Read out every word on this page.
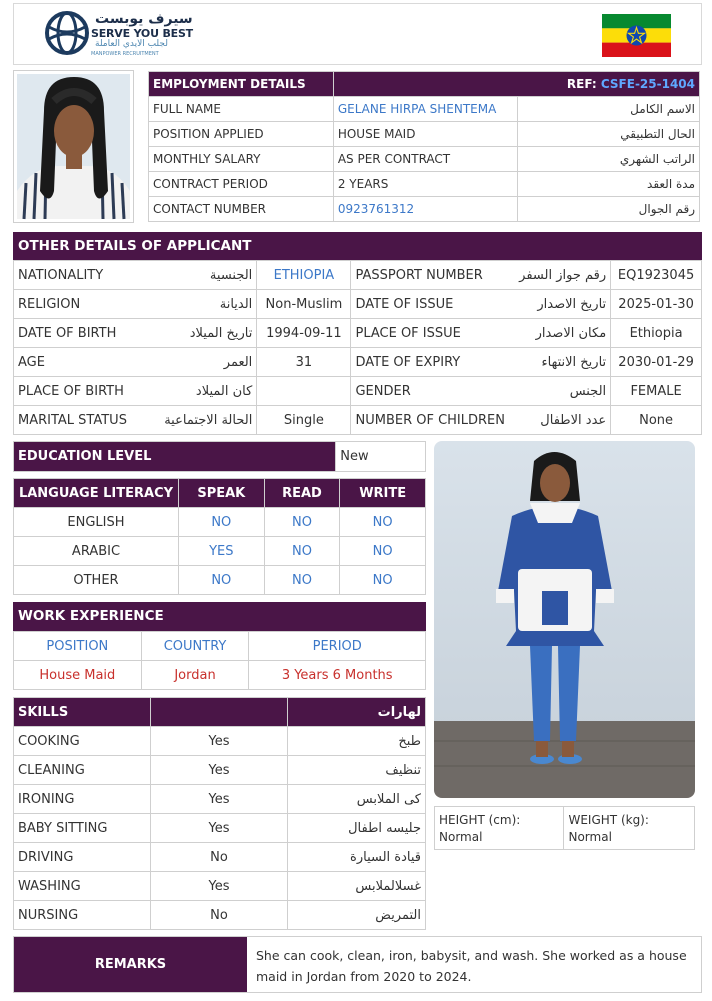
سيرف يوبست
SERVE YOU BEST
لجلب الايدي العاملة
MANPOWER RECRUITMENT
EMPLOYMENT DETAILS	REF: CSFE-25-1404	
FULL NAME	GELANE HIRPA SHENTEMA	الاسم الكامل
POSITION APPLIED	HOUSE MAID	الحال التطبيقي
MONTHLY SALARY	AS PER CONTRACT	الراتب الشهري
CONTRACT PERIOD	2 YEARS	مدة العقد
CONTACT NUMBER	0923761312	رقم الجوال
OTHER DETAILS OF APPLICANT
NATIONALITY	الجنسية	ETHIOPIA	PASSPORT NUMBER	رقم جواز السفر	EQ1923045
RELIGION	الديانة	Non-Muslim	DATE OF ISSUE	تاريخ الاصدار	2025-01-30
DATE OF BIRTH	تاريخ الميلاد	1994-09-11	PLACE OF ISSUE	مكان الاصدار	Ethiopia
AGE	العمر	31	DATE OF EXPIRY	تاريخ الانتهاء	2030-01-29
PLACE OF BIRTH	كان الميلاد		GENDER	الجنس	FEMALE
MARITAL STATUS	الحالة الاجتماعية	Single	NUMBER OF CHILDREN	عدد الاطفال	None
EDUCATION LEVEL	New
LANGUAGE LITERACY	SPEAK	READ	WRITE
ENGLISH	NO	NO	NO
ARABIC	YES	NO	NO
OTHER	NO	NO	NO
WORK EXPERIENCE
POSITION	COUNTRY	PERIOD
House Maid	Jordan	3 Years 6 Months
SKILLS		لهارات
COOKING	Yes	طبخ
CLEANING	Yes	تنظيف
IRONING	Yes	كى الملابس
BABY SITTING	Yes	جليسه اطفال
DRIVING	No	قيادة السيارة
WASHING	Yes	غسلالملابس
NURSING	No	التمريض
HEIGHT (cm):
Normal

WEIGHT (kg):
Normal
REMARKS
She can cook, clean, iron, babysit, and wash. She worked as a house maid in Jordan from 2020 to 2024.
